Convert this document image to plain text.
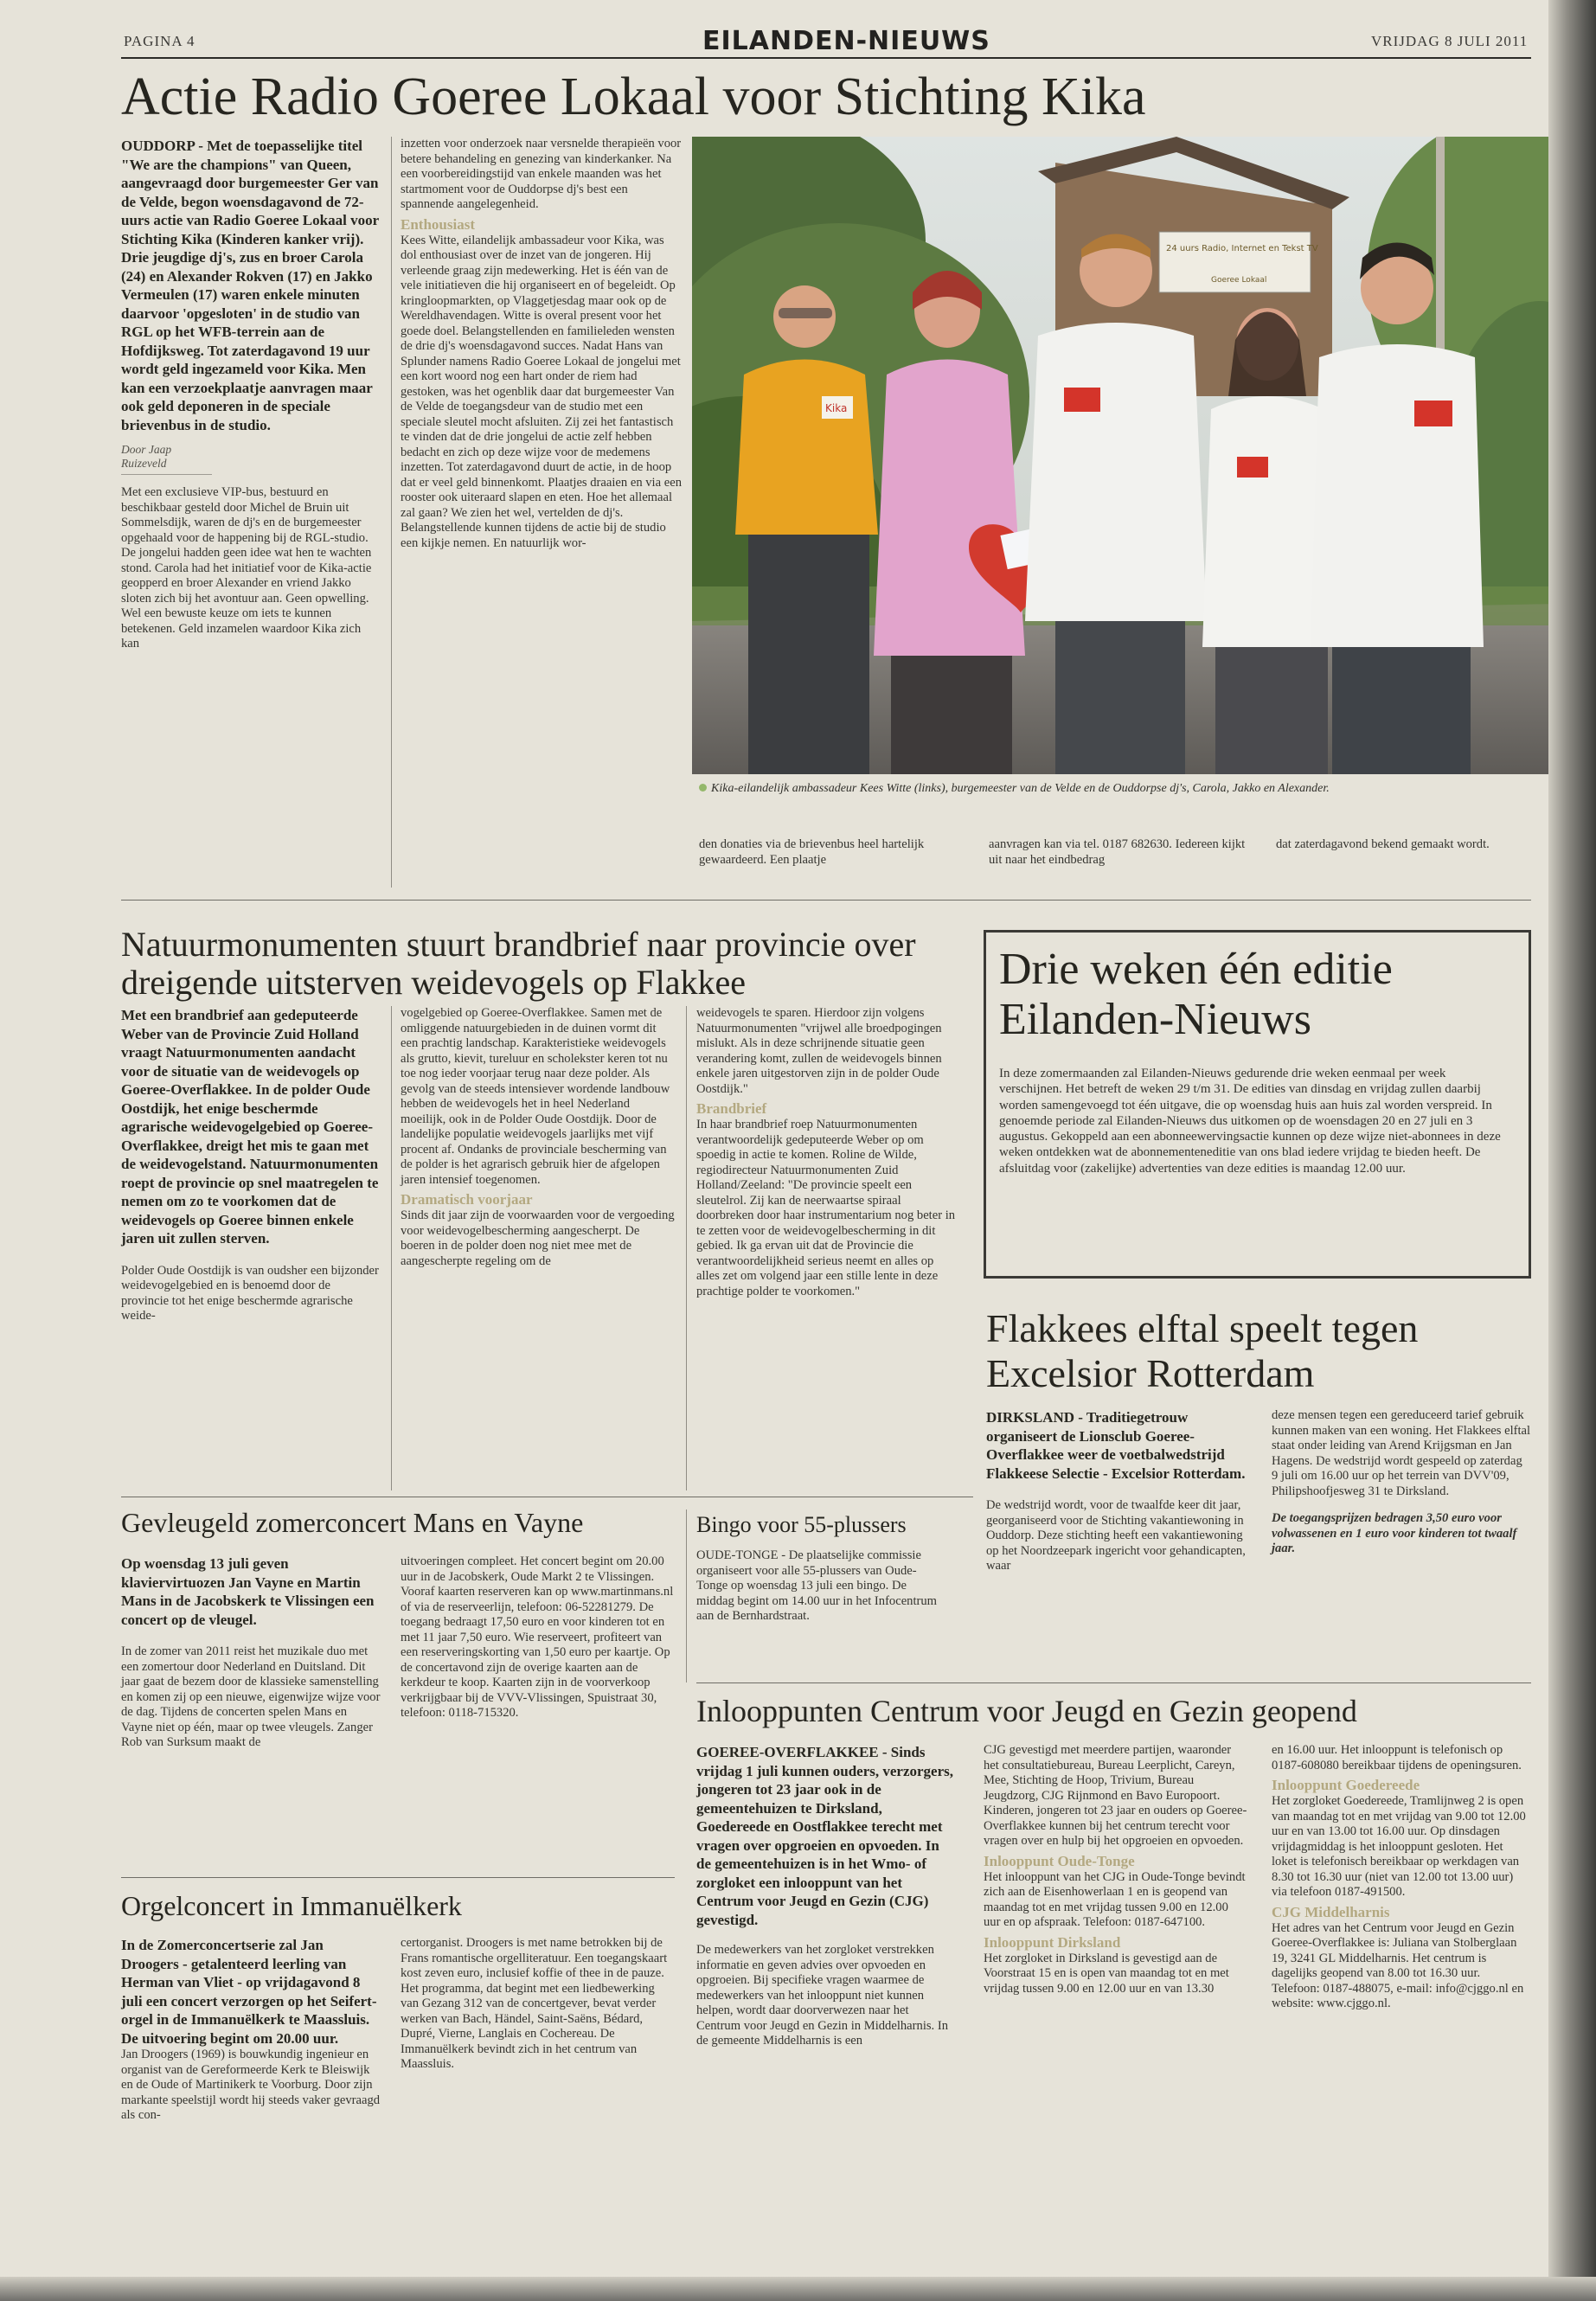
PAGINA 4	EILANDEN-NIEUWS	VRIJDAG 8 JULI 2011
Actie Radio Goeree Lokaal voor Stichting Kika
OUDDORP - Met de toepasselijke titel "We are the champions" van Queen, aangevraagd door burgemeester Ger van de Velde, begon woensdagavond de 72-uurs actie van Radio Goeree Lokaal voor Stichting Kika (Kinderen kanker vrij). Drie jeugdige dj's, zus en broer Carola (24) en Alexander Rokven (17) en Jakko Vermeulen (17) waren enkele minuten daarvoor 'opgesloten' in de studio van RGL op het WFB-terrein aan de Hofdijksweg. Tot zaterdagavond 19 uur wordt geld ingezameld voor Kika. Men kan een verzoekplaatje aanvragen maar ook geld deponeren in de speciale brievenbus in de studio.
Door Jaap Ruizeveld
Met een exclusieve VIP-bus, bestuurd en beschikbaar gesteld door Michel de Bruin uit Sommelsdijk, waren de dj's en de burgemeester opgehaald voor de happening bij de RGL-studio. De jongelui hadden geen idee wat hen te wachten stond. Carola had het initiatief voor de Kika-actie geopperd en broer Alexander en vriend Jakko sloten zich bij het avontuur aan. Geen opwelling. Wel een bewuste keuze om iets te kunnen betekenen. Geld inzamelen waardoor Kika zich kan
inzetten voor onderzoek naar versnelde therapieën voor betere behandeling en genezing van kinderkanker. Na een voorbereidingstijd van enkele maanden was het startmoment voor de Ouddorpse dj's best een spannende aangelegenheid.
Enthousiast
Kees Witte, eilandelijk ambassadeur voor Kika, was dol enthousiast over de inzet van de jongeren. Hij verleende graag zijn medewerking. Het is één van de vele initiatieven die hij organiseert en of begeleidt. Op kringloopmarkten, op Vlaggetjesdag maar ook op de Wereldhavendagen. Witte is overal present voor het goede doel. Belangstellenden en familieleden wensten de drie dj's woensdagavond succes. Nadat Hans van Splunder namens Radio Goeree Lokaal de jongelui met een kort woord nog een hart onder de riem had gestoken, was het ogenblik daar dat burgemeester Van de Velde de toegangsdeur van de studio met een speciale sleutel mocht afsluiten. Zij zei het fantastisch te vinden dat de drie jongelui de actie zelf hebben bedacht en zich op deze wijze voor de medemens inzetten. Tot zaterdagavond duurt de actie, in de hoop dat er veel geld binnenkomt. Plaatjes draaien en via een rooster ook uiteraard slapen en eten. Hoe het allemaal zal gaan? We zien het wel, vertelden de dj's. Belangstellende kunnen tijdens de actie bij de studio een kijkje nemen. En natuurlijk wor-
24 uurs Radio, Internet en Tekst TV
Goeree Lokaal
Kika
Kika-eilandelijk ambassadeur Kees Witte (links), burgemeester van de Velde en de Ouddorpse dj's, Carola, Jakko en Alexander.
den donaties via de brievenbus heel hartelijk gewaardeerd. Een plaatje
aanvragen kan via tel. 0187 682630. Iedereen kijkt uit naar het eindbedrag
dat zaterdagavond bekend gemaakt wordt.
Natuurmonumenten stuurt brandbrief naar provincie over dreigende uitsterven weidevogels op Flakkee
Met een brandbrief aan gedeputeerde Weber van de Provincie Zuid Holland vraagt Natuurmonumenten aandacht voor de situatie van de weidevogels op Goeree-Overflakkee. In de polder Oude Oostdijk, het enige beschermde agrarische weidevogelgebied op Goeree-Overflakkee, dreigt het mis te gaan met de weidevogelstand. Natuurmonumenten roept de provincie op snel maatregelen te nemen om zo te voorkomen dat de weidevogels op Goeree binnen enkele jaren uit zullen sterven.
Polder Oude Oostdijk is van oudsher een bijzonder weidevogelgebied en is benoemd door de provincie tot het enige beschermde agrarische weide-
vogelgebied op Goeree-Overflakkee. Samen met de omliggende natuurgebieden in de duinen vormt dit een prachtig landschap. Karakteristieke weidevogels als grutto, kievit, tureluur en scholekster keren tot nu toe nog ieder voorjaar terug naar deze polder. Als gevolg van de steeds intensiever wordende landbouw hebben de weidevogels het in heel Nederland moeilijk, ook in de Polder Oude Oostdijk. Door de landelijke populatie weidevogels jaarlijks met vijf procent af. Ondanks de provinciale bescherming van de polder is het agrarisch gebruik hier de afgelopen jaren intensief toegenomen.
Dramatisch voorjaar
Sinds dit jaar zijn de voorwaarden voor de vergoeding voor weidevogelbescherming aangescherpt. De boeren in de polder doen nog niet mee met de aangescherpte regeling om de
weidevogels te sparen. Hierdoor zijn volgens Natuurmonumenten "vrijwel alle broedpogingen mislukt. Als in deze schrijnende situatie geen verandering komt, zullen de weidevogels binnen enkele jaren uitgestorven zijn in de polder Oude Oostdijk."
Brandbrief
In haar brandbrief roep Natuurmonumenten verantwoordelijk gedeputeerde Weber op om spoedig in actie te komen. Roline de Wilde, regiodirecteur Natuurmonumenten Zuid Holland/Zeeland: "De provincie speelt een sleutelrol. Zij kan de neerwaartse spiraal doorbreken door haar instrumentarium nog beter in te zetten voor de weidevogelbescherming in dit gebied. Ik ga ervan uit dat de Provincie die verantwoordelijkheid serieus neemt en alles op alles zet om volgend jaar een stille lente in deze prachtige polder te voorkomen."
Drie weken één editie Eilanden-Nieuws
In deze zomermaanden zal Eilanden-Nieuws gedurende drie weken eenmaal per week verschijnen. Het betreft de weken 29 t/m 31. De edities van dinsdag en vrijdag zullen daarbij worden samengevoegd tot één uitgave, die op woensdag huis aan huis zal worden verspreid. In genoemde periode zal Eilanden-Nieuws dus uitkomen op de woensdagen 20 en 27 juli en 3 augustus. Gekoppeld aan een abonneewervingsactie kunnen op deze wijze niet-abonnees in deze weken ontdekken wat de abonnementeneditie van ons blad iedere vrijdag te bieden heeft. De afsluitdag voor (zakelijke) advertenties van deze edities is maandag 12.00 uur.
Flakkees elftal speelt tegen Excelsior Rotterdam
DIRKSLAND - Traditiegetrouw organiseert de Lionsclub Goeree-Overflakkee weer de voetbalwedstrijd Flakkeese Selectie - Excelsior Rotterdam.
De wedstrijd wordt, voor de twaalfde keer dit jaar, georganiseerd voor de Stichting vakantiewoning in Ouddorp. Deze stichting heeft een vakantiewoning op het Noordzeepark ingericht voor gehandicapten, waar
deze mensen tegen een gereduceerd tarief gebruik kunnen maken van een woning. Het Flakkees elftal staat onder leiding van Arend Krijgsman en Jan Hagens. De wedstrijd wordt gespeeld op zaterdag 9 juli om 16.00 uur op het terrein van DVV'09, Philipshoofjesweg 31 te Dirksland.
De toegangsprijzen bedragen 3,50 euro voor volwassenen en 1 euro voor kinderen tot twaalf jaar.
Gevleugeld zomerconcert Mans en Vayne
Op woensdag 13 juli geven klaviervirtuozen Jan Vayne en Martin Mans in de Jacobskerk te Vlissingen een concert op de vleugel.
In de zomer van 2011 reist het muzikale duo met een zomertour door Nederland en Duitsland. Dit jaar gaat de bezem door de klassieke samenstelling en komen zij op een nieuwe, eigenwijze wijze voor de dag. Tijdens de concerten spelen Mans en Vayne niet op één, maar op twee vleugels. Zanger Rob van Surksum maakt de
uitvoeringen compleet. Het concert begint om 20.00 uur in de Jacobskerk, Oude Markt 2 te Vlissingen. Vooraf kaarten reserveren kan op www.martinmans.nl of via de reserveerlijn, telefoon: 06-52281279. De toegang bedraagt 17,50 euro en voor kinderen tot en met 11 jaar 7,50 euro. Wie reserveert, profiteert van een reserveringskorting van 1,50 euro per kaartje. Op de concertavond zijn de overige kaarten aan de kerkdeur te koop. Kaarten zijn in de voorverkoop verkrijgbaar bij de VVV-Vlissingen, Spuistraat 30, telefoon: 0118-715320.
Bingo voor 55-plussers
OUDE-TONGE - De plaatselijke commissie organiseert voor alle 55-plussers van Oude-Tonge op woensdag 13 juli een bingo. De middag begint om 14.00 uur in het Infocentrum aan de Bernhardstraat.
Orgelconcert in Immanuëlkerk
In de Zomerconcertserie zal Jan Droogers - getalenteerd leerling van Herman van Vliet - op vrijdagavond 8 juli een concert verzorgen op het Seifert-orgel in de Immanuëlkerk te Maassluis. De uitvoering begint om 20.00 uur.
Jan Droogers (1969) is bouwkundig ingenieur en organist van de Gereformeerde Kerk te Bleiswijk en de Oude of Martinikerk te Voorburg. Door zijn markante speelstijl wordt hij steeds vaker gevraagd als con-
certorganist. Droogers is met name betrokken bij de Frans romantische orgelliteratuur. Een toegangskaart kost zeven euro, inclusief koffie of thee in de pauze. Het programma, dat begint met een liedbewerking van Gezang 312 van de concertgever, bevat verder werken van Bach, Händel, Saint-Saëns, Bédard, Dupré, Vierne, Langlais en Cochereau. De Immanuëlkerk bevindt zich in het centrum van Maassluis.
Inlooppunten Centrum voor Jeugd en Gezin geopend
GOEREE-OVERFLAKKEE - Sinds vrijdag 1 juli kunnen ouders, verzorgers, jongeren tot 23 jaar ook in de gemeentehuizen te Dirksland, Goedereede en Oostflakkee terecht met vragen over opgroeien en opvoeden. In de gemeentehuizen is in het Wmo- of zorgloket een inlooppunt van het Centrum voor Jeugd en Gezin (CJG) gevestigd.
De medewerkers van het zorgloket verstrekken informatie en geven advies over opvoeden en opgroeien. Bij specifieke vragen waarmee de medewerkers van het inlooppunt niet kunnen helpen, wordt daar doorverwezen naar het Centrum voor Jeugd en Gezin in Middelharnis. In de gemeente Middelharnis is een
CJG gevestigd met meerdere partijen, waaronder het consultatiebureau, Bureau Leerplicht, Careyn, Mee, Stichting de Hoop, Trivium, Bureau Jeugdzorg, CJG Rijnmond en Bavo Europoort. Kinderen, jongeren tot 23 jaar en ouders op Goeree-Overflakkee kunnen bij het centrum terecht voor vragen over en hulp bij het opgroeien en opvoeden.
Inlooppunt Oude-Tonge
Het inlooppunt van het CJG in Oude-Tonge bevindt zich aan de Eisenhowerlaan 1 en is geopend van maandag tot en met vrijdag tussen 9.00 en 12.00 uur en op afspraak. Telefoon: 0187-647100.
Inlooppunt Dirksland
Het zorgloket in Dirksland is gevestigd aan de Voorstraat 15 en is open van maandag tot en met vrijdag tussen 9.00 en 12.00 uur en van 13.30
en 16.00 uur. Het inlooppunt is telefonisch op 0187-608080 bereikbaar tijdens de openingsuren.
Inlooppunt Goedereede
Het zorgloket Goedereede, Tramlijnweg 2 is open van maandag tot en met vrijdag van 9.00 tot 12.00 uur en van 13.00 tot 16.00 uur. Op dinsdagen vrijdagmiddag is het inlooppunt gesloten. Het loket is telefonisch bereikbaar op werkdagen van 8.30 tot 16.30 uur (niet van 12.00 tot 13.00 uur) via telefoon 0187-491500.
CJG Middelharnis
Het adres van het Centrum voor Jeugd en Gezin Goeree-Overflakkee is: Juliana van Stolberglaan 19, 3241 GL Middelharnis. Het centrum is dagelijks geopend van 8.00 tot 16.30 uur. Telefoon: 0187-488075, e-mail: info@cjggo.nl en website: www.cjggo.nl.
